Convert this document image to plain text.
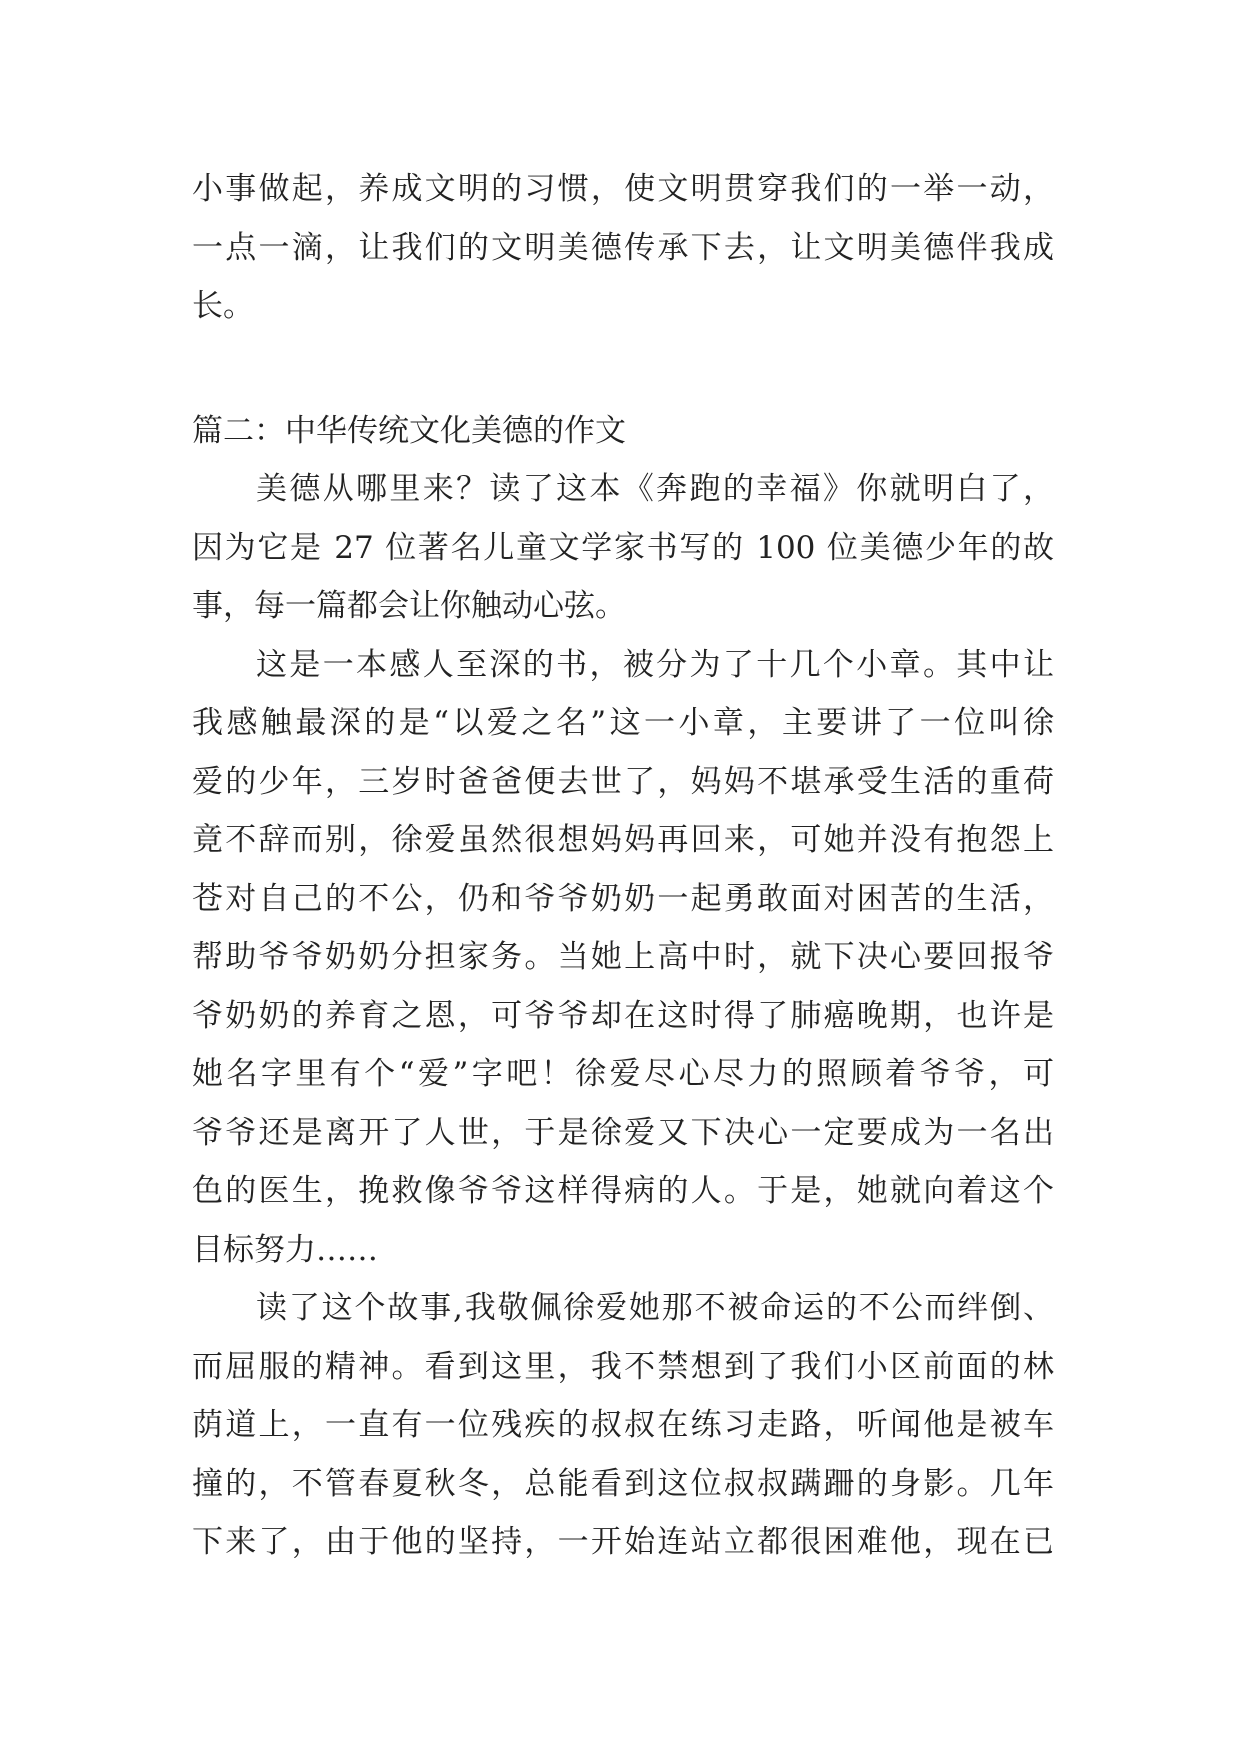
小事做起，养成文明的习惯，使文明贯穿我们的一举一动，
一点一滴，让我们的文明美德传承下去，让文明美德伴我成
长。
篇二：中华传统文化美德的作文
美德从哪里来？读了这本《奔跑的幸福》你就明白了，
因为它是 27 位著名儿童文学家书写的 100 位美德少年的故
事，每一篇都会让你触动心弦。
这是一本感人至深的书，被分为了十几个小章。其中让
我感触最深的是“以爱之名”这一小章，主要讲了一位叫徐
爱的少年，三岁时爸爸便去世了，妈妈不堪承受生活的重荷
竟不辞而别，徐爱虽然很想妈妈再回来，可她并没有抱怨上
苍对自己的不公，仍和爷爷奶奶一起勇敢面对困苦的生活，
帮助爷爷奶奶分担家务。当她上高中时，就下决心要回报爷
爷奶奶的养育之恩，可爷爷却在这时得了肺癌晚期，也许是
她名字里有个“爱”字吧！徐爱尽心尽力的照顾着爷爷，可
爷爷还是离开了人世，于是徐爱又下决心一定要成为一名出
色的医生，挽救像爷爷这样得病的人。于是，她就向着这个
目标努力……
读了这个故事,我敬佩徐爱她那不被命运的不公而绊倒、
而屈服的精神。看到这里，我不禁想到了我们小区前面的林
荫道上，一直有一位残疾的叔叔在练习走路，听闻他是被车
撞的，不管春夏秋冬，总能看到这位叔叔蹒跚的身影。几年
下来了，由于他的坚持，一开始连站立都很困难他，现在已
